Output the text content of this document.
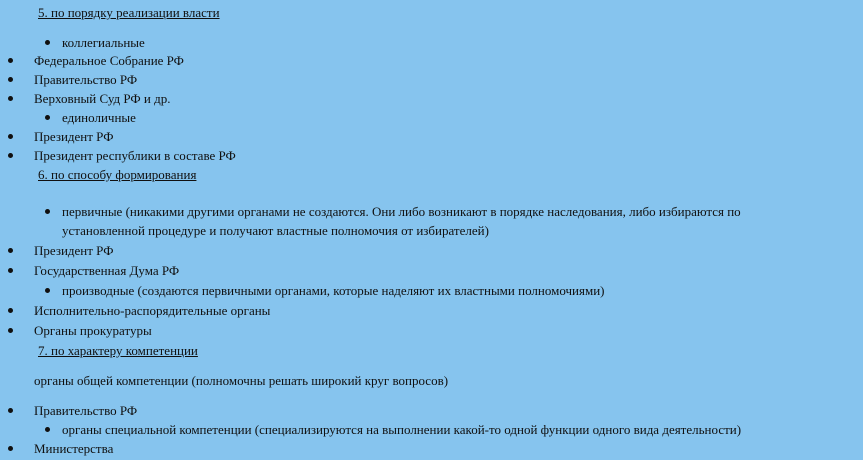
5. по порядку реализации власти
коллегиальные
Федеральное Собрание РФ
Правительство РФ
Верховный Суд РФ и др.
единоличные
Президент РФ
Президент республики в составе РФ
6. по способу формирования
первичные (никакими другими органами не создаются. Они либо возникают в порядке наследования, либо избираются по
установленной процедуре и получают властные полномочия от избирателей)
Президент РФ
Государственная Дума РФ
производные (создаются первичными органами, которые наделяют их властными полномочиями)
Исполнительно-распорядительные органы
Органы прокуратуры
7. по характеру компетенции
органы общей компетенции (полномочны решать широкий круг вопросов)
Правительство РФ
органы специальной компетенции (специализируются на выполнении какой-то одной функции одного вида деятельности)
Министерства
